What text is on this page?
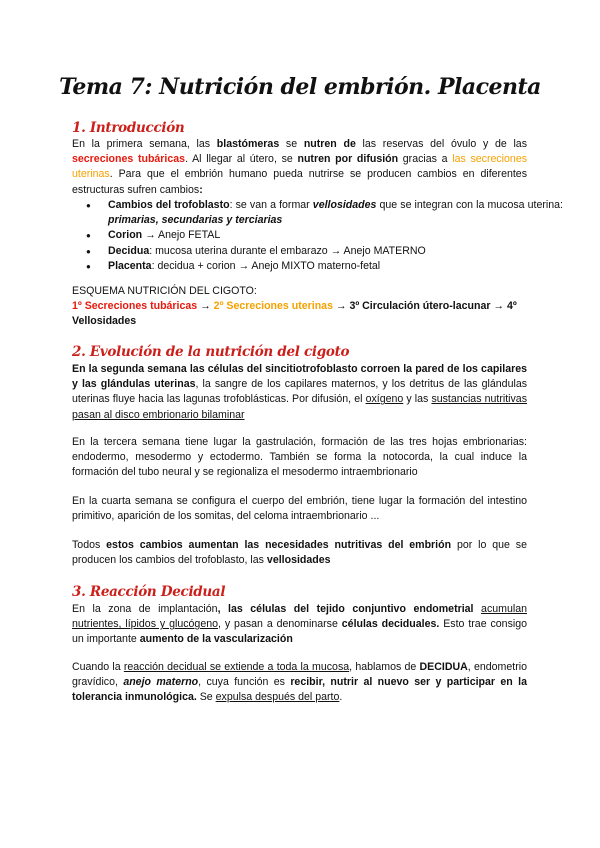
Tema 7: Nutrición del embrión. Placenta
1. Introducción
En la primera semana, las blastómeras se nutren de las reservas del óvulo y de las secreciones tubáricas. Al llegar al útero, se nutren por difusión gracias a las secreciones uterinas. Para que el embrión humano pueda nutrirse se producen cambios en diferentes estructuras sufren cambios:
● Cambios del trofoblasto: se van a formar vellosidades que se integran con la mucosa uterina: primarias, secundarias y terciarias
● Corion → Anejo FETAL
● Decidua: mucosa uterina durante el embarazo → Anejo MATERNO
● Placenta: decidua + corion → Anejo MIXTO materno-fetal
ESQUEMA NUTRICIÓN DEL CIGOTO:
1º Secreciones tubáricas → 2º Secreciones uterinas → 3º Circulación útero-lacunar → 4º Vellosidades
2. Evolución de la nutrición del cigoto
En la segunda semana las células del sincitiotrofoblasto corroen la pared de los capilares y las glándulas uterinas, la sangre de los capilares maternos, y los detritus de las glándulas uterinas fluye hacia las lagunas trofoblásticas. Por difusión, el oxígeno y las sustancias nutritivas pasan al disco embrionario bilaminar
En la tercera semana tiene lugar la gastrulación, formación de las tres hojas embrionarias: endodermo, mesodermo y ectodermo. También se forma la notocorda, la cual induce la formación del tubo neural y se regionaliza el mesodermo intraembrionario
En la cuarta semana se configura el cuerpo del embrión, tiene lugar la formación del intestino primitivo, aparición de los somitas, del celoma intraembrionario ...
Todos estos cambios aumentan las necesidades nutritivas del embrión por lo que se producen los cambios del trofoblasto, las vellosidades
3. Reacción Decidual
En la zona de implantación, las células del tejido conjuntivo endometrial acumulan nutrientes, lípidos y glucógeno, y pasan a denominarse células deciduales. Esto trae consigo un importante aumento de la vascularización
Cuando la reacción decidual se extiende a toda la mucosa, hablamos de DECIDUA, endometrio gravídico, anejo materno, cuya función es recibir, nutrir al nuevo ser y participar en la tolerancia inmunológica. Se expulsa después del parto.
